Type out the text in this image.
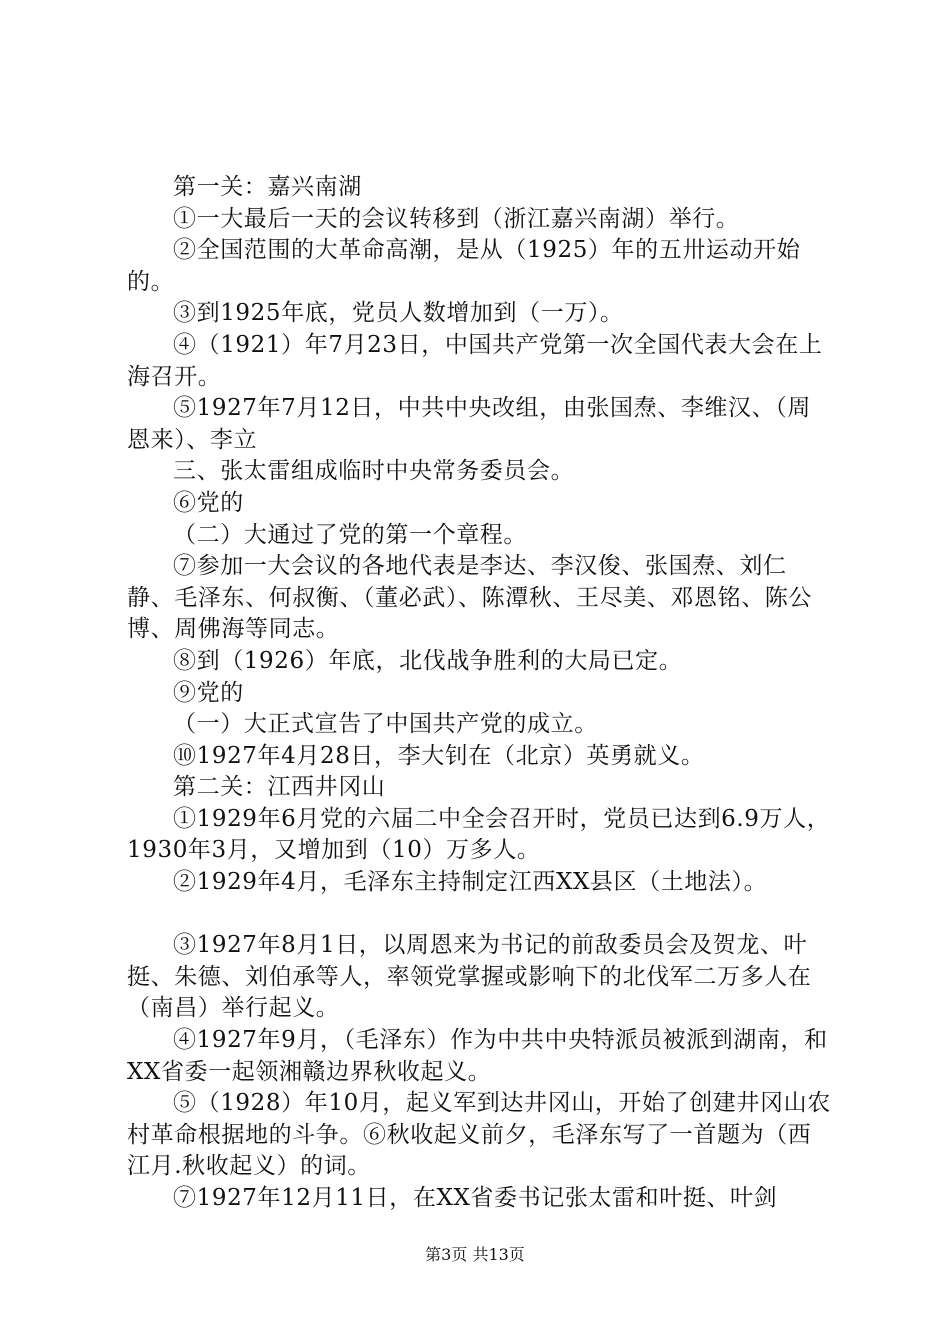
第一关：嘉兴南湖

①一大最后一天的会议转移到（浙江嘉兴南湖）举行。

②全国范围的大革命高潮，是从（1925）年的五卅运动开始的。

③到1925年底，党员人数增加到（一万）。

④（1921）年7月23日，中国共产党第一次全国代表大会在上海召开。

⑤1927年7月12日，中共中央改组，由张国焘、李维汉、（周恩来）、李立

三、张太雷组成临时中央常务委员会。

⑥党的

（二）大通过了党的第一个章程。

⑦参加一大会议的各地代表是李达、李汉俊、张国焘、刘仁静、毛泽东、何叔衡、（董必武）、陈潭秋、王尽美、邓恩铭、陈公博、周佛海等同志。

⑧到（1926）年底，北伐战争胜利的大局已定。

⑨党的

（一）大正式宣告了中国共产党的成立。

⑩1927年4月28日，李大钊在（北京）英勇就义。

第二关：江西井冈山

①1929年6月党的六届二中全会召开时，党员已达到6.9万人，1930年3月，又增加到（10）万多人。

②1929年4月，毛泽东主持制定江西XX县区（土地法）。

③1927年8月1日，以周恩来为书记的前敌委员会及贺龙、叶挺、朱德、刘伯承等人，率领党掌握或影响下的北伐军二万多人在（南昌）举行起义。

④1927年9月，（毛泽东）作为中共中央特派员被派到湖南，和XX省委一起领湘赣边界秋收起义。

⑤（1928）年10月，起义军到达井冈山，开始了创建井冈山农村革命根据地的斗争。⑥秋收起义前夕，毛泽东写了一首题为（西江月.秋收起义）的词。

⑦1927年12月11日，在XX省委书记张太雷和叶挺、叶剑

第3页 共13页
